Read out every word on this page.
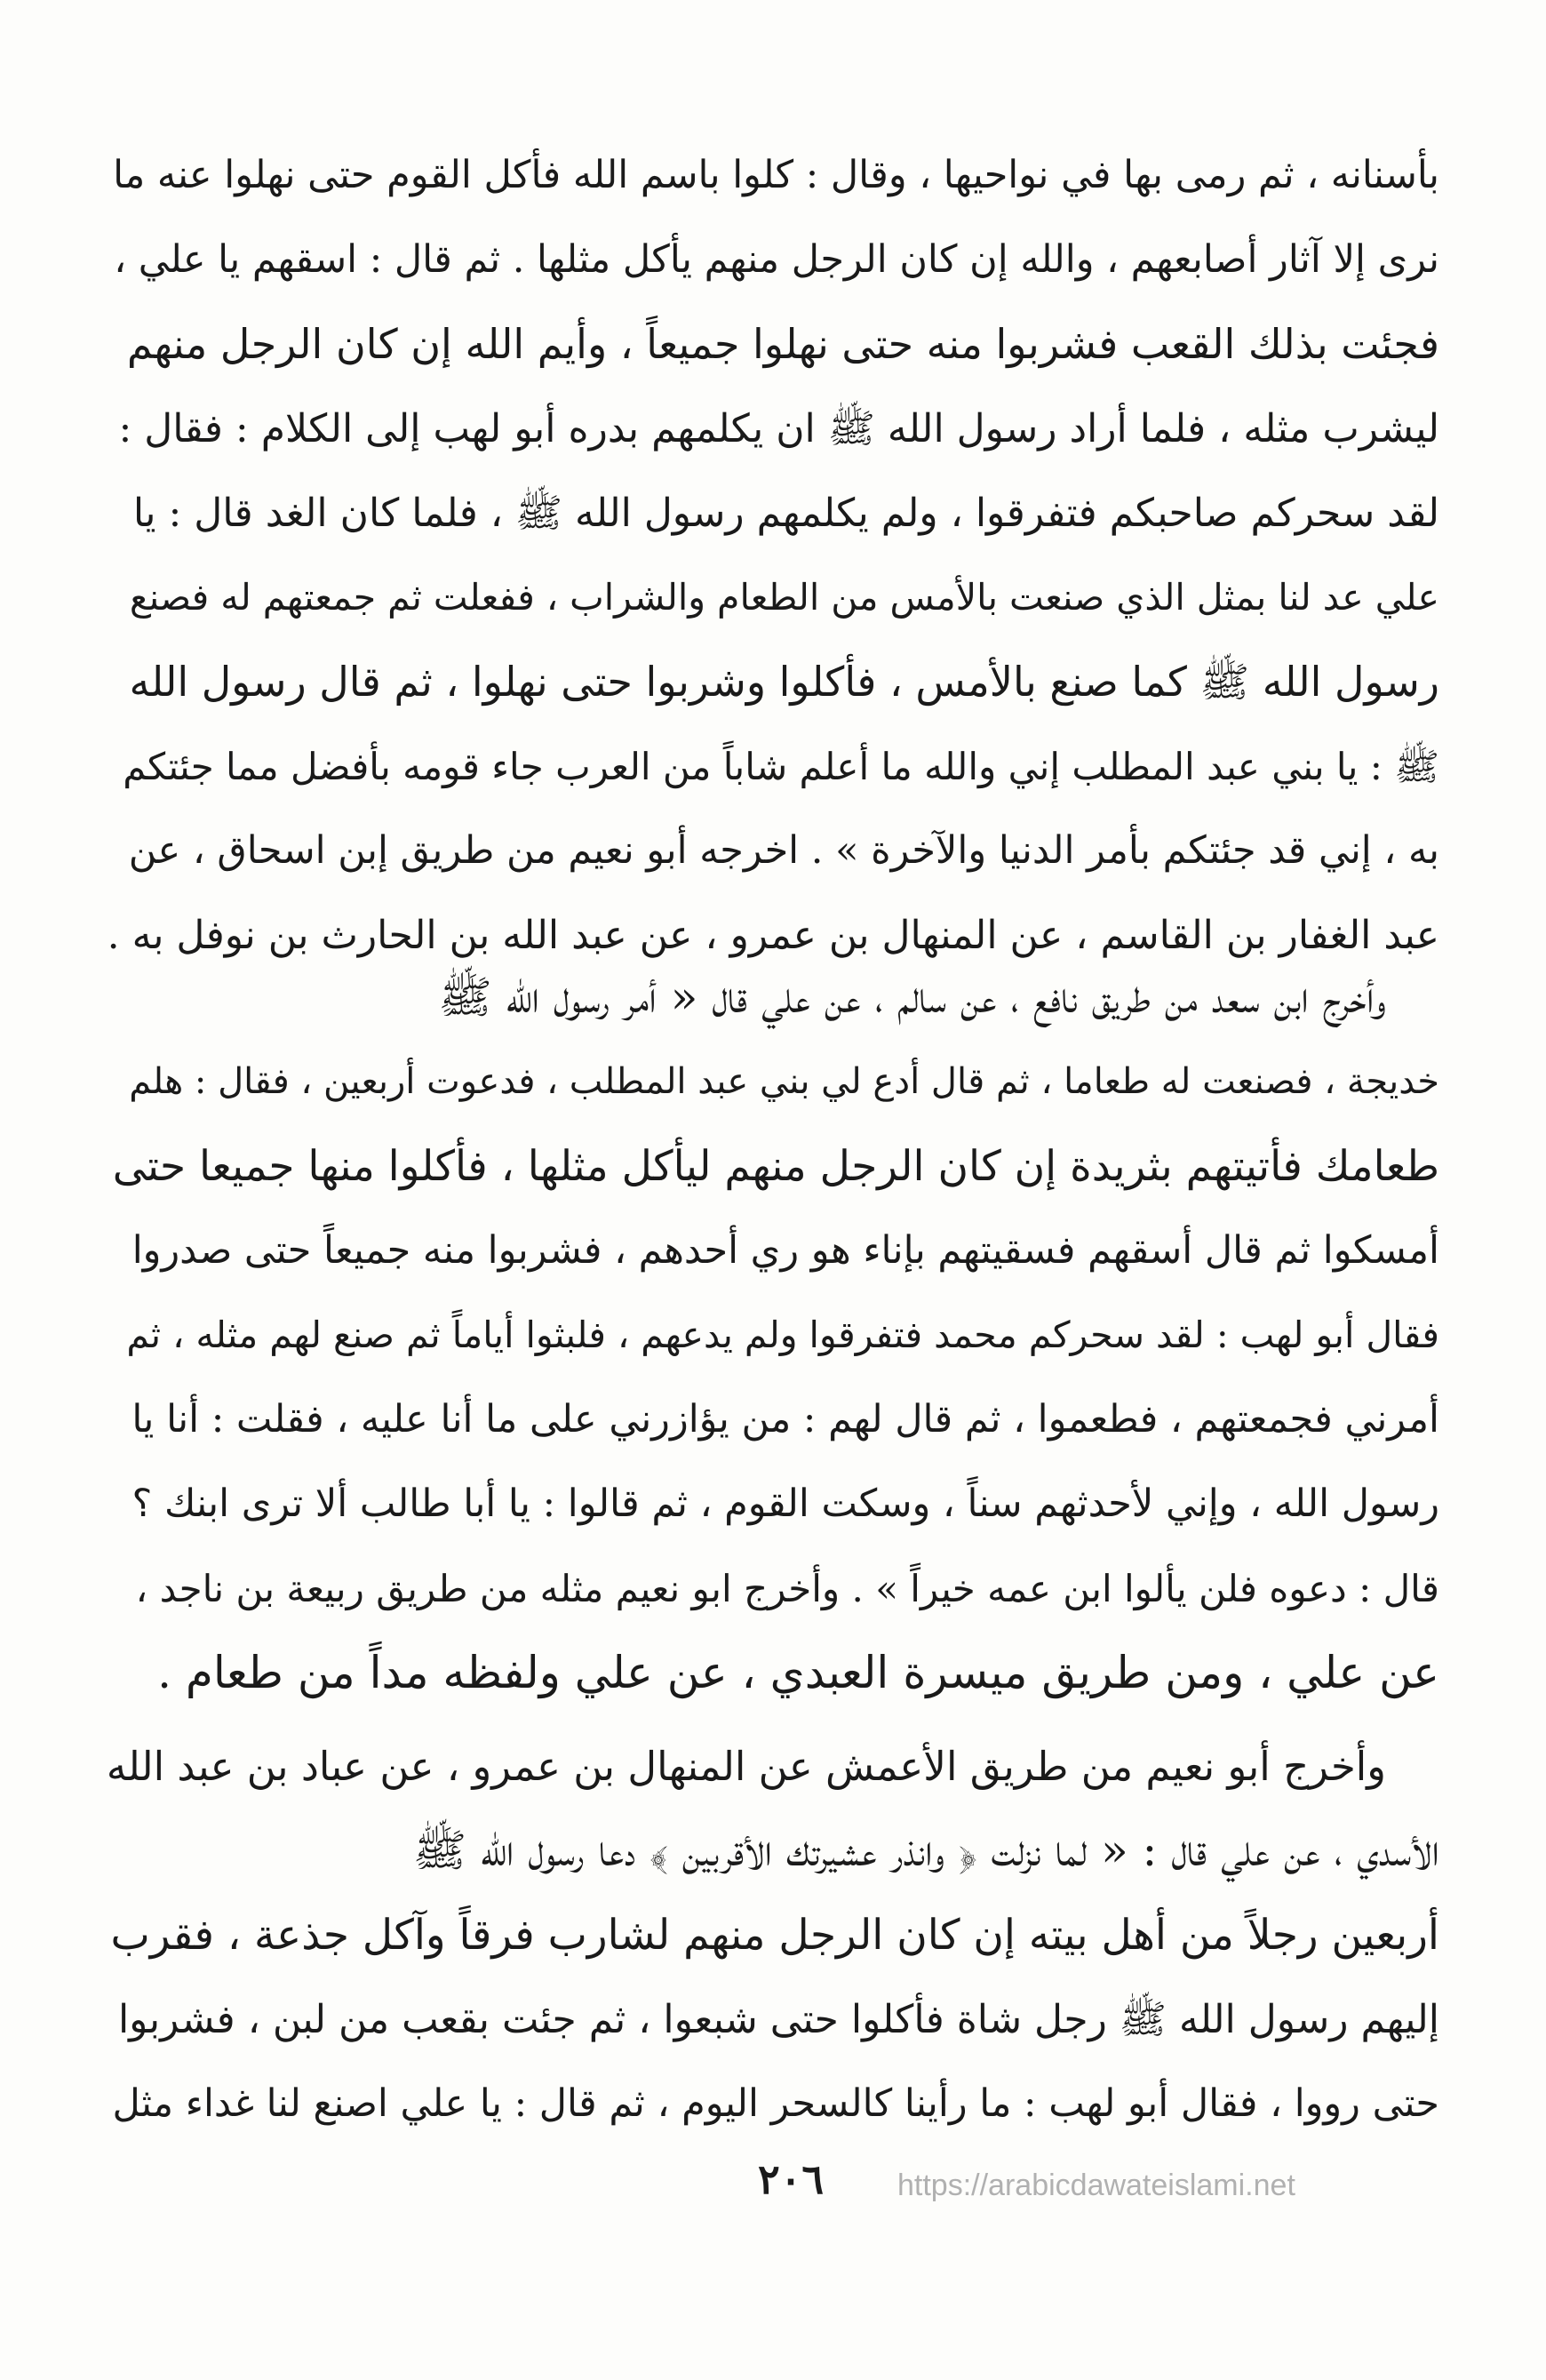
بأسنانه ، ثم رمى بها في نواحيها ، وقال : كلوا باسم الله فأكل القوم حتى نهلوا عنه ما
نرى إلا آثار أصابعهم ، والله إن كان الرجل منهم يأكل مثلها . ثم قال : اسقهم يا علي ،
فجئت بذلك القعب فشربوا منه حتى نهلوا جميعاً ، وأيم الله إن كان الرجل منهم
ليشرب مثله ، فلما أراد رسول الله ﷺ ان يكلمهم بدره أبو لهب إلى الكلام : فقال :
لقد سحركم صاحبكم فتفرقوا ، ولم يكلمهم رسول الله ﷺ ، فلما كان الغد قال : يا
علي عد لنا بمثل الذي صنعت بالأمس من الطعام والشراب ، ففعلت ثم جمعتهم له فصنع
رسول الله ﷺ كما صنع بالأمس ، فأكلوا وشربوا حتى نهلوا ، ثم قال رسول الله
ﷺ : يا بني عبد المطلب إني والله ما أعلم شاباً من العرب جاء قومه بأفضل مما جئتكم
به ، إني قد جئتكم بأمر الدنيا والآخرة » . اخرجه أبو نعيم من طريق إبن اسحاق ، عن
عبد الغفار بن القاسم ، عن المنهال بن عمرو ، عن عبد الله بن الحارث بن نوفل به .
وأخرج ابن سعد من طريق نافع ، عن سالم ، عن علي قال « أمر رسول الله ﷺ
خديجة ، فصنعت له طعاما ، ثم قال أدع لي بني عبد المطلب ، فدعوت أربعين ، فقال : هلم
طعامك فأتيتهم بثريدة إن كان الرجل منهم ليأكل مثلها ، فأكلوا منها جميعا حتى
أمسكوا ثم قال أسقهم فسقيتهم بإناء هو ري أحدهم ، فشربوا منه جميعاً حتى صدروا
فقال أبو لهب : لقد سحركم محمد فتفرقوا ولم يدعهم ، فلبثوا أياماً ثم صنع لهم مثله ، ثم
أمرني فجمعتهم ، فطعموا ، ثم قال لهم : من يؤازرني على ما أنا عليه ، فقلت : أنا يا
رسول الله ، وإني لأحدثهم سناً ، وسكت القوم ، ثم قالوا : يا أبا طالب ألا ترى ابنك ؟
قال : دعوه فلن يألوا ابن عمه خيراً » . وأخرج ابو نعيم مثله من طريق ربيعة بن ناجد ،
عن علي ، ومن طريق ميسرة العبدي ، عن علي ولفظه مداً من طعام .
وأخرج أبو نعيم من طريق الأعمش عن المنهال بن عمرو ، عن عباد بن عبد الله
الأسدي ، عن علي قال : « لما نزلت ﴿ وانذر عشيرتك الأقربين ﴾ دعا رسول الله ﷺ
أربعين رجلاً من أهل بيته إن كان الرجل منهم لشارب فرقاً وآكل جذعة ، فقرب
إليهم رسول الله ﷺ رجل شاة فأكلوا حتى شبعوا ، ثم جئت بقعب من لبن ، فشربوا
حتى رووا ، فقال أبو لهب : ما رأينا كالسحر اليوم ، ثم قال : يا علي اصنع لنا غداء مثل
٢٠٦	https://arabicdawateislami.net
